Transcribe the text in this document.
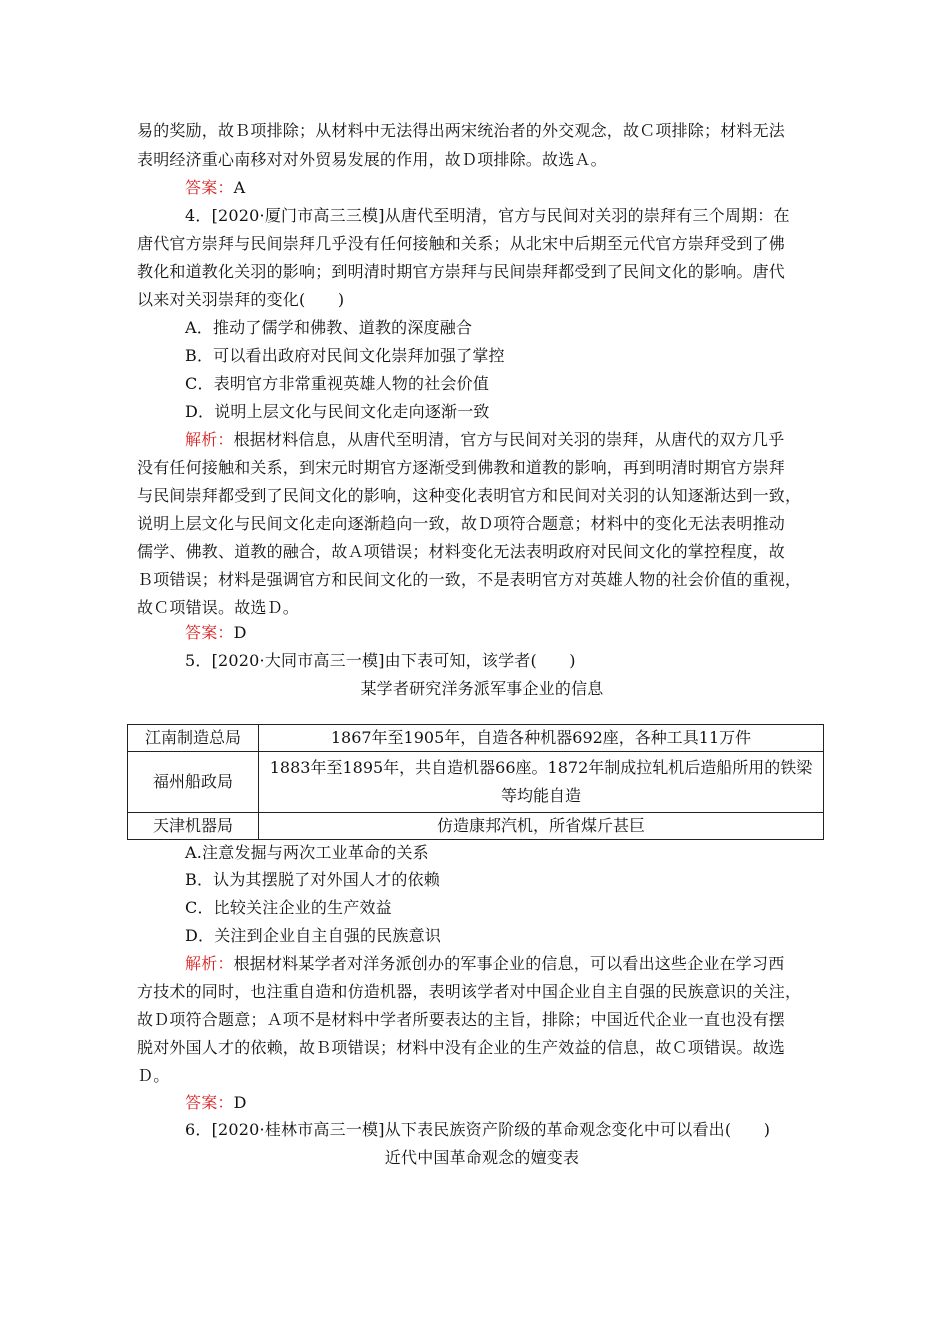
易的奖励，故Ｂ项排除；从材料中无法得出两宋统治者的外交观念，故Ｃ项排除；材料无法
表明经济重心南移对对外贸易发展的作用，故Ｄ项排除。故选Ａ。
答案：A
4．[2020·厦门市高三三模]从唐代至明清，官方与民间对关羽的崇拜有三个周期：在
唐代官方崇拜与民间崇拜几乎没有任何接触和关系；从北宋中后期至元代官方崇拜受到了佛
教化和道教化关羽的影响；到明清时期官方崇拜与民间崇拜都受到了民间文化的影响。唐代
以来对关羽崇拜的变化(　　)
A．推动了儒学和佛教、道教的深度融合
B．可以看出政府对民间文化崇拜加强了掌控
C．表明官方非常重视英雄人物的社会价值
D．说明上层文化与民间文化走向逐渐一致
解析：根据材料信息，从唐代至明清，官方与民间对关羽的崇拜，从唐代的双方几乎
没有任何接触和关系，到宋元时期官方逐渐受到佛教和道教的影响，再到明清时期官方崇拜
与民间崇拜都受到了民间文化的影响，这种变化表明官方和民间对关羽的认知逐渐达到一致，
说明上层文化与民间文化走向逐渐趋向一致，故Ｄ项符合题意；材料中的变化无法表明推动
儒学、佛教、道教的融合，故Ａ项错误；材料变化无法表明政府对民间文化的掌控程度，故
Ｂ项错误；材料是强调官方和民间文化的一致，不是表明官方对英雄人物的社会价值的重视，
故Ｃ项错误。故选Ｄ。
答案：D
5．[2020·大同市高三一模]由下表可知，该学者(　　)
某学者研究洋务派军事企业的信息
江南制造总局	1867年至1905年，自造各种机器692座，各种工具11万件
福州船政局	1883年至1895年，共自造机器66座。1872年制成拉轧机后造船所用的铁梁等均能自造
天津机器局	仿造康邦汽机，所省煤斤甚巨
A.注意发掘与两次工业革命的关系
B．认为其摆脱了对外国人才的依赖
C．比较关注企业的生产效益
D．关注到企业自主自强的民族意识
解析：根据材料某学者对洋务派创办的军事企业的信息，可以看出这些企业在学习西
方技术的同时，也注重自造和仿造机器，表明该学者对中国企业自主自强的民族意识的关注，
故Ｄ项符合题意；Ａ项不是材料中学者所要表达的主旨，排除；中国近代企业一直也没有摆
脱对外国人才的依赖，故Ｂ项错误；材料中没有企业的生产效益的信息，故Ｃ项错误。故选
Ｄ。
答案：D
6．[2020·桂林市高三一模]从下表民族资产阶级的革命观念变化中可以看出(　　)
近代中国革命观念的嬗变表
